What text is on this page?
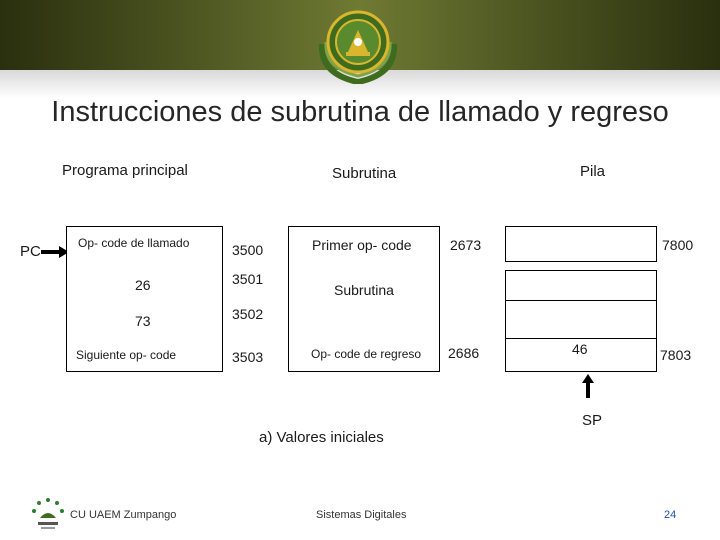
Instrucciones de subrutina de llamado y regreso
Programa principal	Subrutina	Pila
PC	Op- code de llamado
26
73
Siguiente op- code
3500
3501
3502
3503
Primer op- code
Subrutina
Op- code de regreso
2673
2686	46
7800
7803
SP
a) Valores iniciales
CU UAEM Zumpango	Sistemas Digitales	24
